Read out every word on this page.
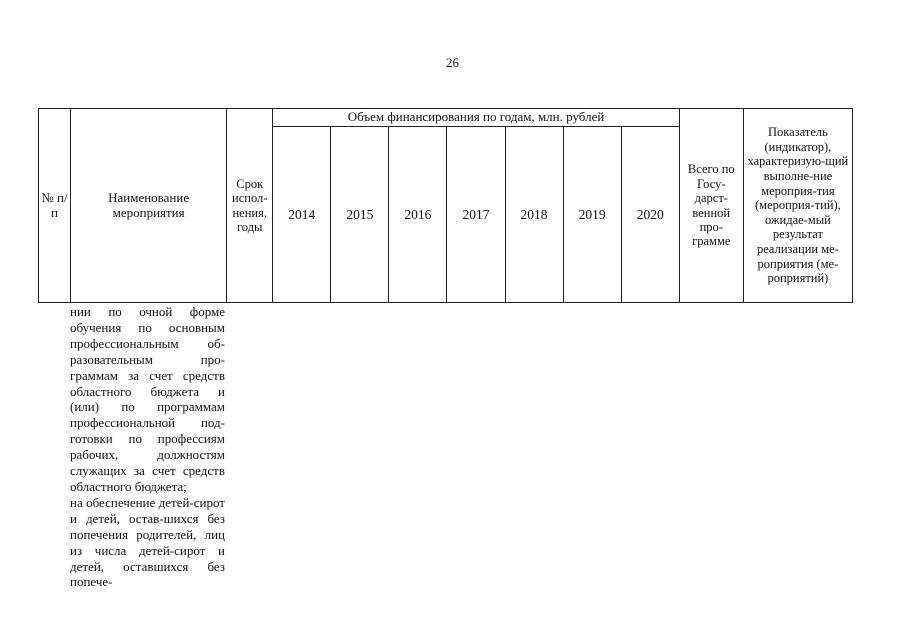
26
№ п/п	Наименование мероприятия	Срок испол-нения, годы	Объем финансирования по годам, млн. рублей							Всего по Госу-дарст-венной про-грамме	Показатель (индикатор), характеризую-щий выполне-ние мероприя-тия (мероприя-тий), ожидае-мый результат реализации ме-роприятия (ме-роприятий)
			2014	2015	2016	2017	2018	2019	2020		

нии по очной форме обучения по основным профессиональным об-разовательным про-граммам за счет средств областного бюджета и (или) по программам профессиональной под-готовки по профессиям рабочих, должностям служащих за счет средств областного бюджета;

на обеспечение детей-сирот и детей, остав-шихся без попечения родителей, лиц из числа детей-сирот и детей, оставшихся без попече-
